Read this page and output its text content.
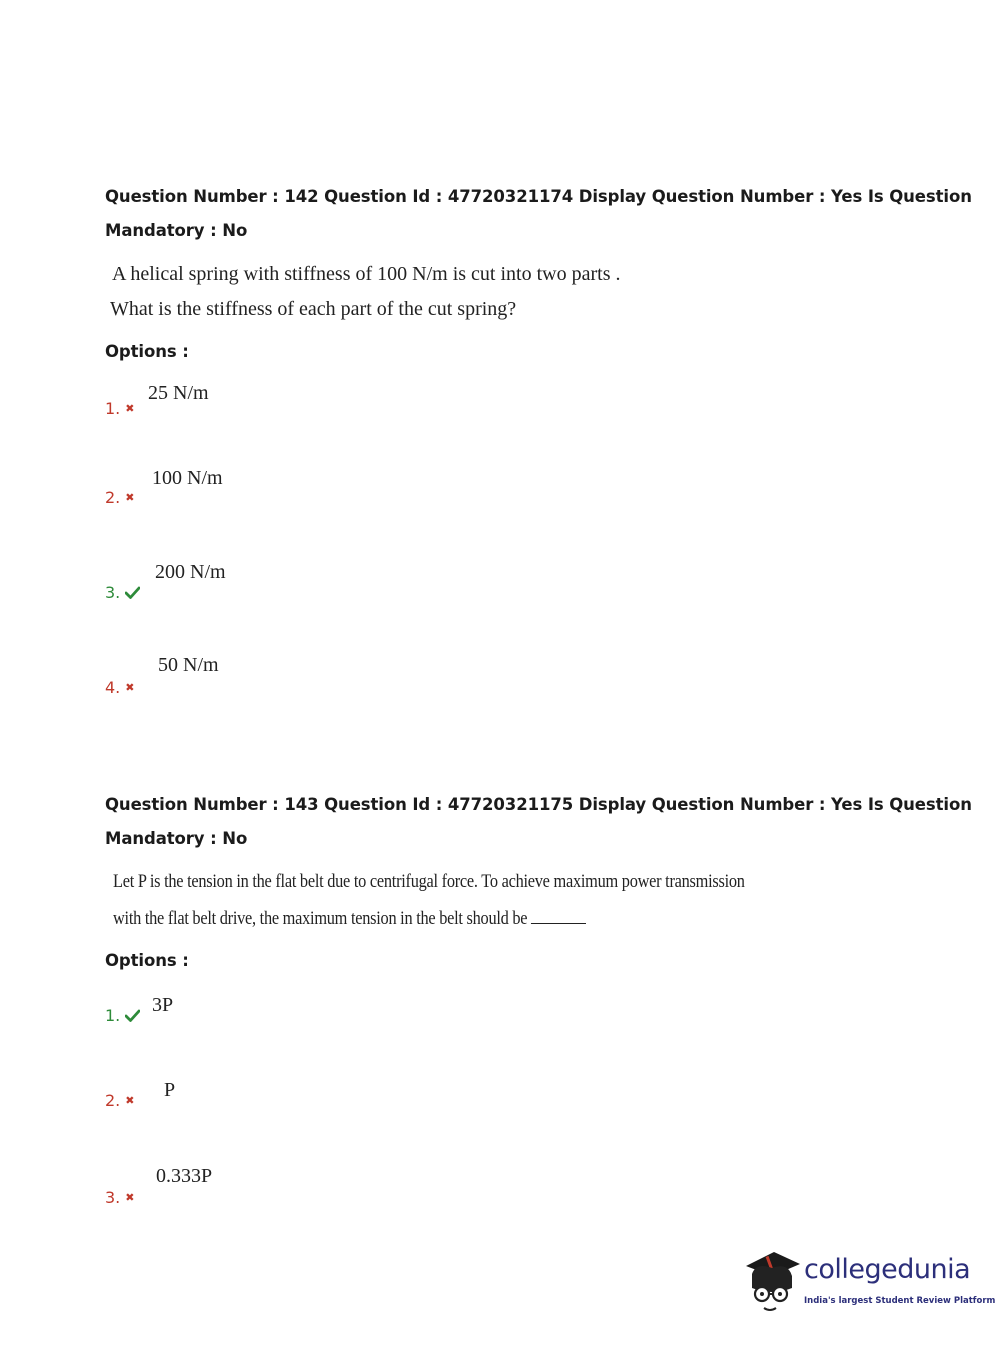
Question Number : 142 Question Id : 47720321174 Display Question Number : Yes Is Question
Mandatory : No
A helical spring with stiffness of 100 N/m is cut into two parts .
What is the stiffness of each part of the cut spring?
Options :
25 N/m
1. ✖
100 N/m
2. ✖
200 N/m
3.
50 N/m
4. ✖
Question Number : 143 Question Id : 47720321175 Display Question Number : Yes Is Question
Mandatory : No
Let P is the tension in the flat belt due to centrifugal force. To achieve maximum power transmission
with the flat belt drive, the maximum tension in the belt should be
Options :
3P
1.
P
2. ✖
0.333P
3. ✖
collegedunia
India's largest Student Review Platform
